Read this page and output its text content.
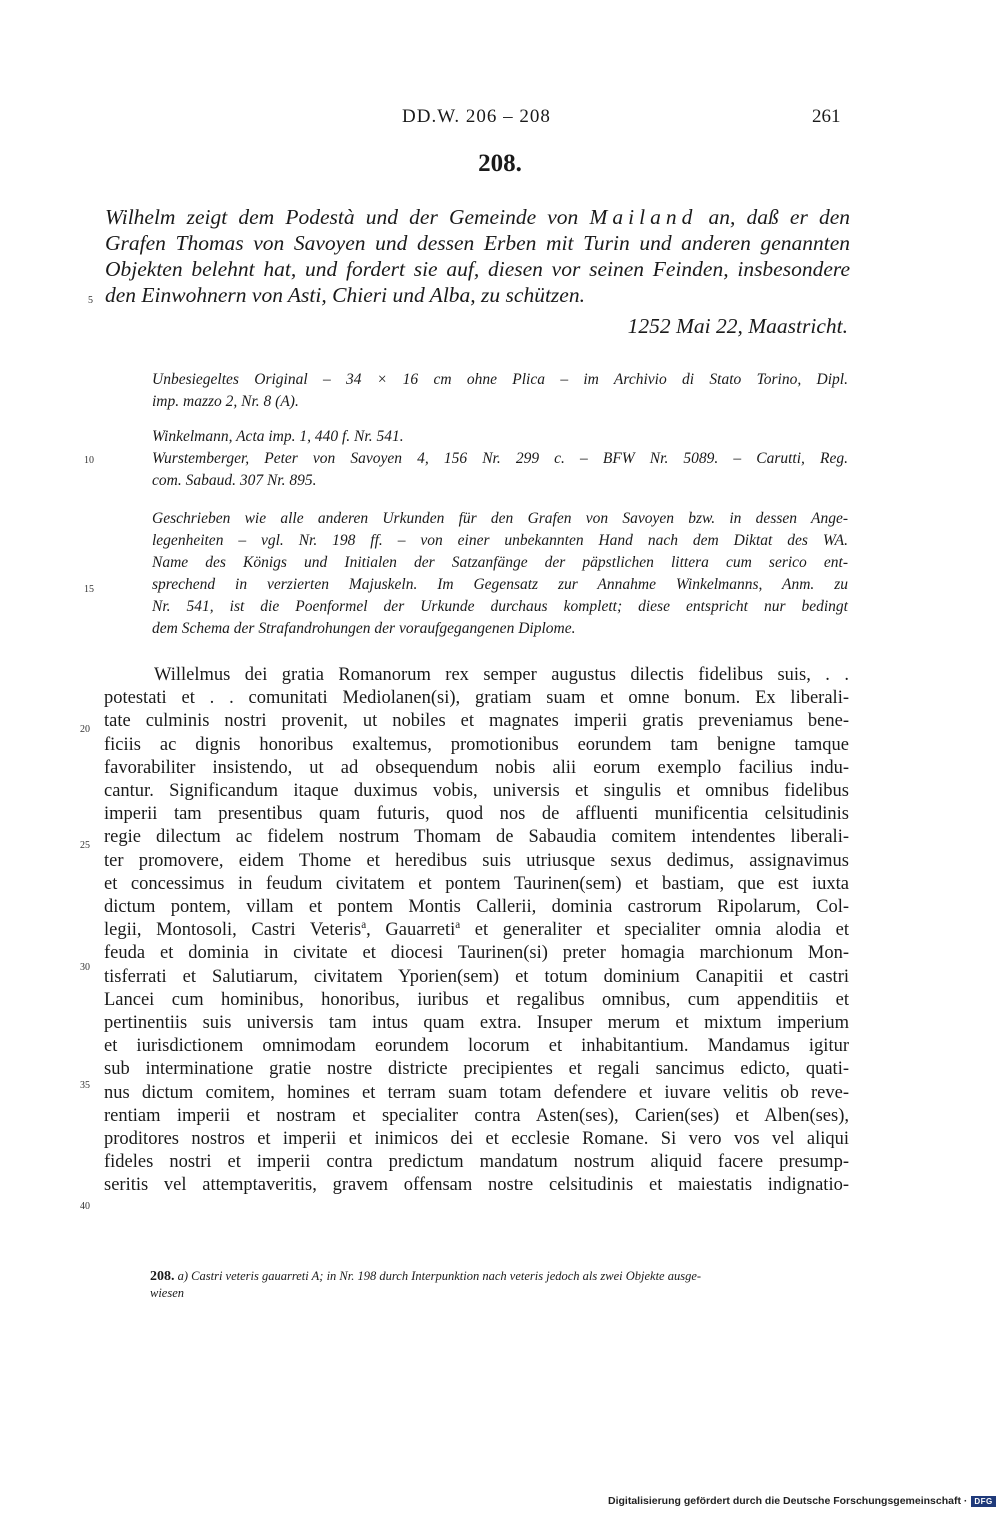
DD.W. 206 – 208	261
208.
Wilhelm zeigt dem Podestà und der Gemeinde von Mailand an, daß er den
Grafen Thomas von Savoyen und dessen Erben mit Turin und anderen genannten
Objekten belehnt hat, und fordert sie auf, diesen vor seinen Feinden, insbesondere
den Einwohnern von Asti, Chieri und Alba, zu schützen.
5
1252 Mai 22, Maastricht.
Unbesiegeltes Original – 34 × 16 cm ohne Plica – im Archivio di Stato Torino, Dipl.
imp. mazzo 2, Nr. 8 (A).
Winkelmann, Acta imp. 1, 440 f. Nr. 541.
Wurstemberger, Peter von Savoyen 4, 156 Nr. 299 c. – BFW Nr. 5089. – Carutti, Reg.
com. Sabaud. 307 Nr. 895.
10
Geschrieben wie alle anderen Urkunden für den Grafen von Savoyen bzw. in dessen Ange-
legenheiten – vgl. Nr. 198 ff. – von einer unbekannten Hand nach dem Diktat des WA.
Name des Königs und Initialen der Satzanfänge der päpstlichen littera cum serico ent-
sprechend in verzierten Majuskeln. Im Gegensatz zur Annahme Winkelmanns, Anm. zu
Nr. 541, ist die Poenformel der Urkunde durchaus komplett; diese entspricht nur bedingt
dem Schema der Strafandrohungen der voraufgegangenen Diplome.
15
Willelmus dei gratia Romanorum rex semper augustus dilectis fidelibus suis, . .
potestati et . . comunitati Mediolanen(si), gratiam suam et omne bonum. Ex liberali-
tate culminis nostri provenit, ut nobiles et magnates imperii gratis preveniamus bene-
ficiis ac dignis honoribus exaltemus, promotionibus eorundem tam benigne tamque
favorabiliter insistendo, ut ad obsequendum nobis alii eorum exemplo facilius indu-
cantur. Significandum itaque duximus vobis, universis et singulis et omnibus fidelibus
imperii tam presentibus quam futuris, quod nos de affluenti munificentia celsitudinis
regie dilectum ac fidelem nostrum Thomam de Sabaudia comitem intendentes liberali-
ter promovere, eidem Thome et heredibus suis utriusque sexus dedimus, assignavimus
et concessimus in feudum civitatem et pontem Taurinen(sem) et bastiam, que est iuxta
dictum pontem, villam et pontem Montis Callerii, dominia castrorum Ripolarum, Col-
legii, Montosoli, Castri Veteris$^a$, Gauarreti$^a$ et generaliter et specialiter omnia alodia et
feuda et dominia in civitate et diocesi Taurinen(si) preter homagia marchionum Mon-
tisferrati et Salutiarum, civitatem Yporien(sem) et totum dominium Canapitii et castri
Lancei cum hominibus, honoribus, iuribus et regalibus omnibus, cum appenditiis et
pertinentiis suis universis tam intus quam extra. Insuper merum et mixtum imperium
et iurisdictionem omnimodam eorundem locorum et inhabitantium. Mandamus igitur
sub interminatione gratie nostre districte precipientes et regali sancimus edicto, quati-
nus dictum comitem, homines et terram suam totam defendere et iuvare velitis ob reve-
rentiam imperii et nostram et specialiter contra Asten(ses), Carien(ses) et Alben(ses),
proditores nostros et imperii et inimicos dei et ecclesie Romane. Si vero vos vel aliqui
fideles nostri et imperii contra predictum mandatum nostrum aliquid facere presump-
seritis vel attemptaveritis, gravem offensam nostre celsitudinis et maiestatis indignatio-
20
25
30
35
40
208. a) Castri veteris gauarreti A; in Nr. 198 durch Interpunktion nach veteris jedoch als zwei Objekte ausge-
wiesen
Digitalisierung gefördert durch die Deutsche Forschungsgemeinschaft · DFG
